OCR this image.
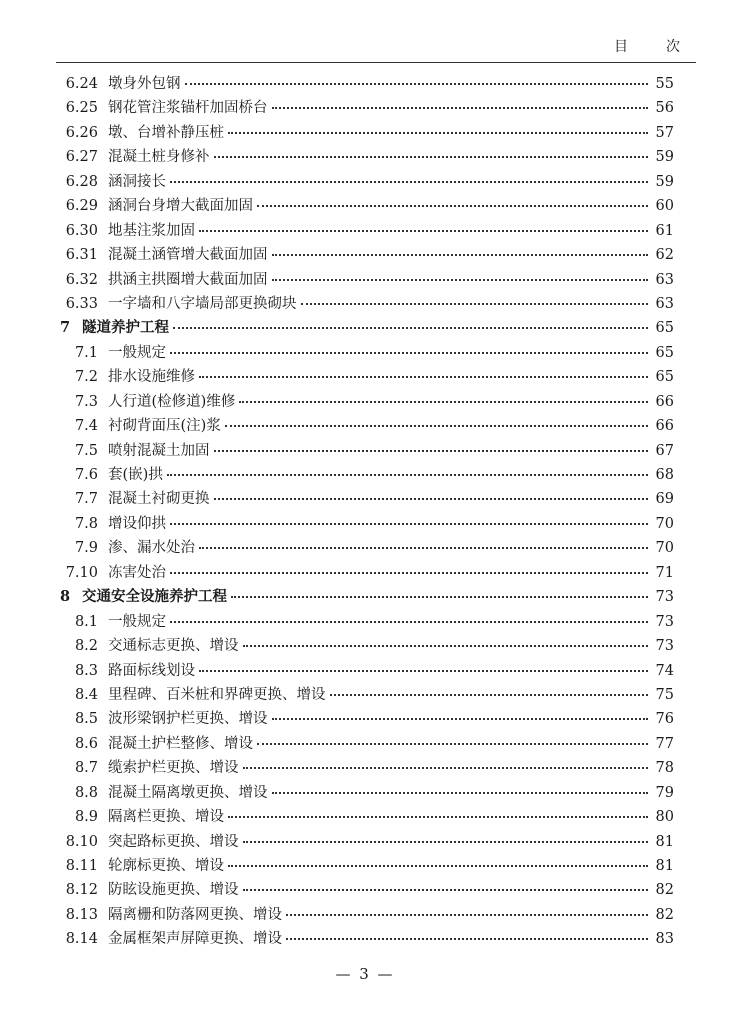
目　次
6.24 墩身外包钢	55
6.25 钢花管注浆锚杆加固桥台	56
6.26 墩、台增补静压桩	57
6.27 混凝土桩身修补	59
6.28 涵洞接长	59
6.29 涵洞台身增大截面加固	60
6.30 地基注浆加固	61
6.31 混凝土涵管增大截面加固	62
6.32 拱涵主拱圈增大截面加固	63
6.33 一字墙和八字墙局部更换砌块	63
7 隧道养护工程	65
7.1 一般规定	65
7.2 排水设施维修	65
7.3 人行道(检修道)维修	66
7.4 衬砌背面压(注)浆	66
7.5 喷射混凝土加固	67
7.6 套(嵌)拱	68
7.7 混凝土衬砌更换	69
7.8 增设仰拱	70
7.9 渗、漏水处治	70
7.10 冻害处治	71
8 交通安全设施养护工程	73
8.1 一般规定	73
8.2 交通标志更换、增设	73
8.3 路面标线划设	74
8.4 里程碑、百米桩和界碑更换、增设	75
8.5 波形梁钢护栏更换、增设	76
8.6 混凝土护栏整修、增设	77
8.7 缆索护栏更换、增设	78
8.8 混凝土隔离墩更换、增设	79
8.9 隔离栏更换、增设	80
8.10 突起路标更换、增设	81
8.11 轮廓标更换、增设	81
8.12 防眩设施更换、增设	82
8.13 隔离栅和防落网更换、增设	82
8.14 金属框架声屏障更换、增设	83
— 3 —
